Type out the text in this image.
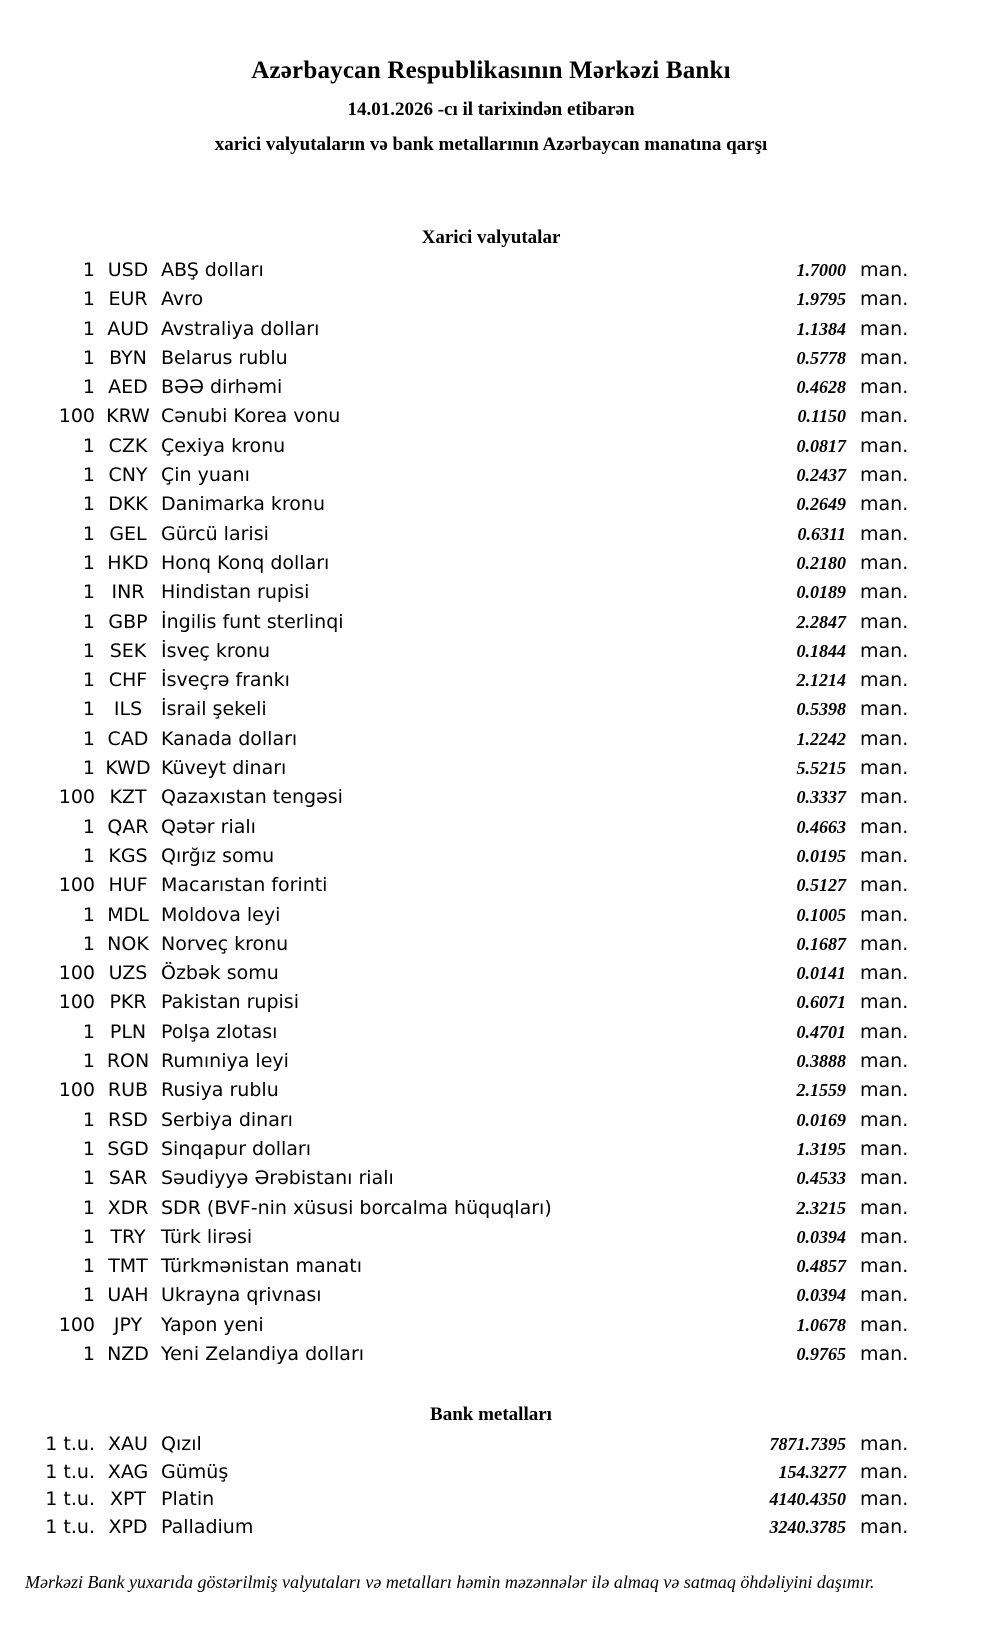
Azərbaycan Respublikasının Mərkəzi Bankı
14.01.2026 -cı il tarixindən etibarən
xarici valyutaların və bank metallarının Azərbaycan manatına qarşı
Xarici valyutalar
1 USD ABŞ dolları	1.7000 man.
1 EUR Avro	1.9795 man.
1 AUD Avstraliya dolları	1.1384 man.
1 BYN Belarus rublu	0.5778 man.
1 AED BƏƏ dirhəmi	0.4628 man.
100 KRW Cənubi Korea vonu	0.1150 man.
1 CZK Çexiya kronu	0.0817 man.
1 CNY Çin yuanı	0.2437 man.
1 DKK Danimarka kronu	0.2649 man.
1 GEL Gürcü larisi	0.6311 man.
1 HKD Honq Konq dolları	0.2180 man.
1 INR Hindistan rupisi	0.0189 man.
1 GBP İngilis funt sterlinqi	2.2847 man.
1 SEK İsveç kronu	0.1844 man.
1 CHF İsveçrə frankı	2.1214 man.
1 ILS İsrail şekeli	0.5398 man.
1 CAD Kanada dolları	1.2242 man.
1 KWD Küveyt dinarı	5.5215 man.
100 KZT Qazaxıstan tengəsi	0.3337 man.
1 QAR Qətər rialı	0.4663 man.
1 KGS Qırğız somu	0.0195 man.
100 HUF Macarıstan forinti	0.5127 man.
1 MDL Moldova leyi	0.1005 man.
1 NOK Norveç kronu	0.1687 man.
100 UZS Özbək somu	0.0141 man.
100 PKR Pakistan rupisi	0.6071 man.
1 PLN Polşa zlotası	0.4701 man.
1 RON Rumıniya leyi	0.3888 man.
100 RUB Rusiya rublu	2.1559 man.
1 RSD Serbiya dinarı	0.0169 man.
1 SGD Sinqapur dolları	1.3195 man.
1 SAR Səudiyyə Ərəbistanı rialı	0.4533 man.
1 XDR SDR (BVF-nin xüsusi borcalma hüquqları)	2.3215 man.
1 TRY Türk lirəsi	0.0394 man.
1 TMT Türkmənistan manatı	0.4857 man.
1 UAH Ukrayna qrivnası	0.0394 man.
100 JPY Yapon yeni	1.0678 man.
1 NZD Yeni Zelandiya dolları	0.9765 man.
Bank metalları
1 t.u. XAU Qızıl	7871.7395 man.
1 t.u. XAG Gümüş	154.3277 man.
1 t.u. XPT Platin	4140.4350 man.
1 t.u. XPD Palladium	3240.3785 man.
Mərkəzi Bank yuxarıda göstərilmiş valyutaları və metalları həmin məzənnələr ilə almaq və satmaq öhdəliyini daşımır.
